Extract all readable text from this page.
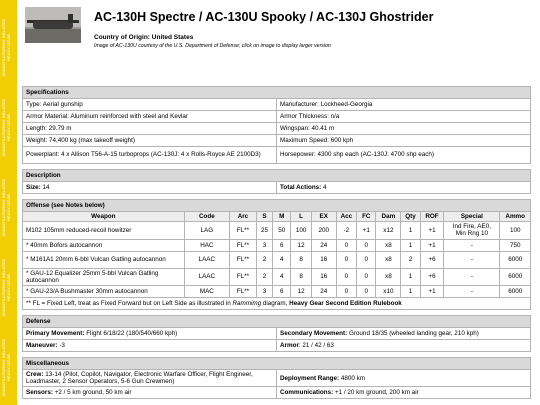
MANUFACTURING RELATED HEAVY GEAR
MANUFACTURING RELATED HEAVY GEAR
MANUFACTURING RELATED HEAVY GEAR
MANUFACTURING RELATED HEAVY GEAR
MANUFACTURING RELATED HEAVY GEAR
AC-130H Spectre / AC-130U Spooky / AC-130J Ghostrider
Country of Origin: United States
Image of AC-130U courtesy of the U.S. Department of Defense; click on image to display larger version
Specifications	
Type: Aerial gunship	Manufacturer: Lockheed-Georgia
Armor Material: Aluminum reinforced with steel and Kevlar	Armor Thickness: n/a
Length: 29.79 m	Wingspan: 40.41 m
Weight: 74,400 kg (max takeoff weight)	Maximum Speed: 600 kph
Powerplant: 4 x Allison T56-A-15 turboprops (AC-130J: 4 x Rolls-Royce AE 2100D3)	Horsepower: 4300 shp each (AC-130J: 4700 shp each)
Description
Size: 14	Total Actions: 4
Offense (see Notes below)													
Weapon	Code	Arc	S	M	L	EX	Acc	FC	Dam	Qty	ROF	Special	Ammo
M102 105mm reduced-recoil howitzer	LAG	FL**	25	50	100	200	-2	+1	x12	1	+1	Ind Fire, AE0, Min Rng 10	100
* 40mm Bofors autocannon	HAC	FL**	3	6	12	24	0	0	x8	1	+1	-	750
* M161A1 20mm 6-bbl Vulcan Gatling autocannon	LAAC	FL**	2	4	8	16	0	0	x8	2	+6	-	6000
* GAU-12 Equalizer 25mm 5-bbl Vulcan Gatling autocannon	LAAC	FL**	2	4	8	16	0	0	x8	1	+6	-	6000
* GAU-23/A Bushmaster 30mm autocannon	MAC	FL**	3	6	12	24	0	0	x10	1	+1	-	6000
** FL = Fixed Left, treat as Fixed Forward but on Left Side as illustrated in Rammimg diagram, Heavy Gear Second Edition Rulebook													
Defense	
Primary Movement: Flight 6/18/22 (180/540/660 kph)	Secondary Movement: Ground 18/35 (wheeled landing gear, 210 kph)
Maneuver: -3	Armor: 21 / 42 / 63
Miscellaneous	
Crew: 13-14 (Pilot, Copilot, Navigator, Electronic Warfare Officer, Flight Engineer, Loadmaster, 2 Sensor Operators, 5-6 Gun Crewmen)	Deployment Range: 4800 km
Sensors: +2 / 5 km ground, 50 km air	Communications: +1 / 20 km ground, 200 km air
